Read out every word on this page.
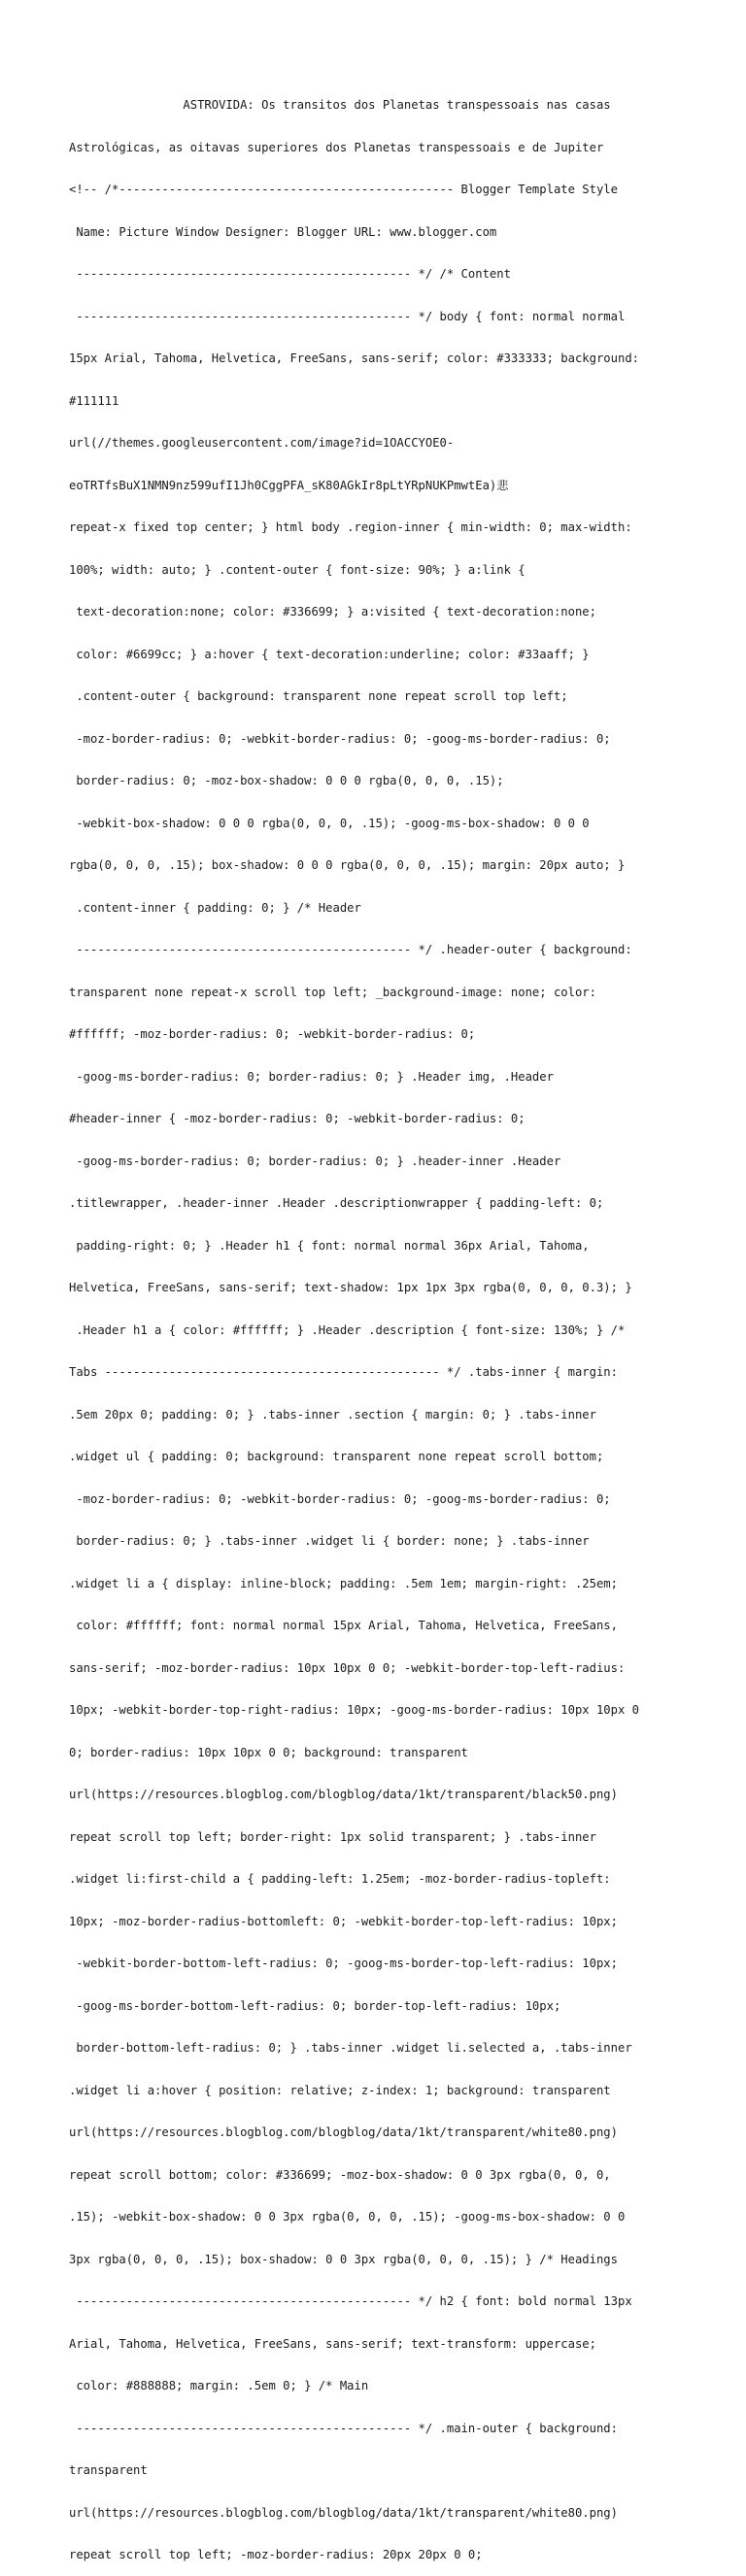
ASTROVIDA: Os transitos dos Planetas transpessoais nas casas

Astrológicas, as oitavas superiores dos Planetas transpessoais e de Jupiter

<!-- /*----------------------------------------------- Blogger Template Style

Name: Picture Window Designer: Blogger URL: www.blogger.com

----------------------------------------------- */ /* Content

----------------------------------------------- */ body { font: normal normal

15px Arial, Tahoma, Helvetica, FreeSans, sans-serif; color: #333333; background:

#111111

url(//themes.googleusercontent.com/image?id=1OACCYOE0-

eoTRTfsBuX1NMN9nz599ufI1Jh0CggPFA_sK80AGkIr8pLtYRpNUKPmwtEa)悲

repeat-x fixed top center; } html body .region-inner { min-width: 0; max-width:

100%; width: auto; } .content-outer { font-size: 90%; } a:link {

text-decoration:none; color: #336699; } a:visited { text-decoration:none;

color: #6699cc; } a:hover { text-decoration:underline; color: #33aaff; }

.content-outer { background: transparent none repeat scroll top left;

-moz-border-radius: 0; -webkit-border-radius: 0; -goog-ms-border-radius: 0;

border-radius: 0; -moz-box-shadow: 0 0 0 rgba(0, 0, 0, .15);

-webkit-box-shadow: 0 0 0 rgba(0, 0, 0, .15); -goog-ms-box-shadow: 0 0 0

rgba(0, 0, 0, .15); box-shadow: 0 0 0 rgba(0, 0, 0, .15); margin: 20px auto; }

.content-inner { padding: 0; } /* Header

----------------------------------------------- */ .header-outer { background:

transparent none repeat-x scroll top left; _background-image: none; color:

#ffffff; -moz-border-radius: 0; -webkit-border-radius: 0;

-goog-ms-border-radius: 0; border-radius: 0; } .Header img, .Header

#header-inner { -moz-border-radius: 0; -webkit-border-radius: 0;

-goog-ms-border-radius: 0; border-radius: 0; } .header-inner .Header

.titlewrapper, .header-inner .Header .descriptionwrapper { padding-left: 0;

padding-right: 0; } .Header h1 { font: normal normal 36px Arial, Tahoma,

Helvetica, FreeSans, sans-serif; text-shadow: 1px 1px 3px rgba(0, 0, 0, 0.3); }

.Header h1 a { color: #ffffff; } .Header .description { font-size: 130%; } /*

Tabs ----------------------------------------------- */ .tabs-inner { margin:

.5em 20px 0; padding: 0; } .tabs-inner .section { margin: 0; } .tabs-inner

.widget ul { padding: 0; background: transparent none repeat scroll bottom;

-moz-border-radius: 0; -webkit-border-radius: 0; -goog-ms-border-radius: 0;

border-radius: 0; } .tabs-inner .widget li { border: none; } .tabs-inner

.widget li a { display: inline-block; padding: .5em 1em; margin-right: .25em;

color: #ffffff; font: normal normal 15px Arial, Tahoma, Helvetica, FreeSans,

sans-serif; -moz-border-radius: 10px 10px 0 0; -webkit-border-top-left-radius:

10px; -webkit-border-top-right-radius: 10px; -goog-ms-border-radius: 10px 10px 0

0; border-radius: 10px 10px 0 0; background: transparent

url(https://resources.blogblog.com/blogblog/data/1kt/transparent/black50.png)

repeat scroll top left; border-right: 1px solid transparent; } .tabs-inner

.widget li:first-child a { padding-left: 1.25em; -moz-border-radius-topleft:

10px; -moz-border-radius-bottomleft: 0; -webkit-border-top-left-radius: 10px;

-webkit-border-bottom-left-radius: 0; -goog-ms-border-top-left-radius: 10px;

-goog-ms-border-bottom-left-radius: 0; border-top-left-radius: 10px;

border-bottom-left-radius: 0; } .tabs-inner .widget li.selected a, .tabs-inner

.widget li a:hover { position: relative; z-index: 1; background: transparent

url(https://resources.blogblog.com/blogblog/data/1kt/transparent/white80.png)

repeat scroll bottom; color: #336699; -moz-box-shadow: 0 0 3px rgba(0, 0, 0,

.15); -webkit-box-shadow: 0 0 3px rgba(0, 0, 0, .15); -goog-ms-box-shadow: 0 0

3px rgba(0, 0, 0, .15); box-shadow: 0 0 3px rgba(0, 0, 0, .15); } /* Headings

----------------------------------------------- */ h2 { font: bold normal 13px

Arial, Tahoma, Helvetica, FreeSans, sans-serif; text-transform: uppercase;

color: #888888; margin: .5em 0; } /* Main

----------------------------------------------- */ .main-outer { background:

transparent

url(https://resources.blogblog.com/blogblog/data/1kt/transparent/white80.png)

repeat scroll top left; -moz-border-radius: 20px 20px 0 0;
